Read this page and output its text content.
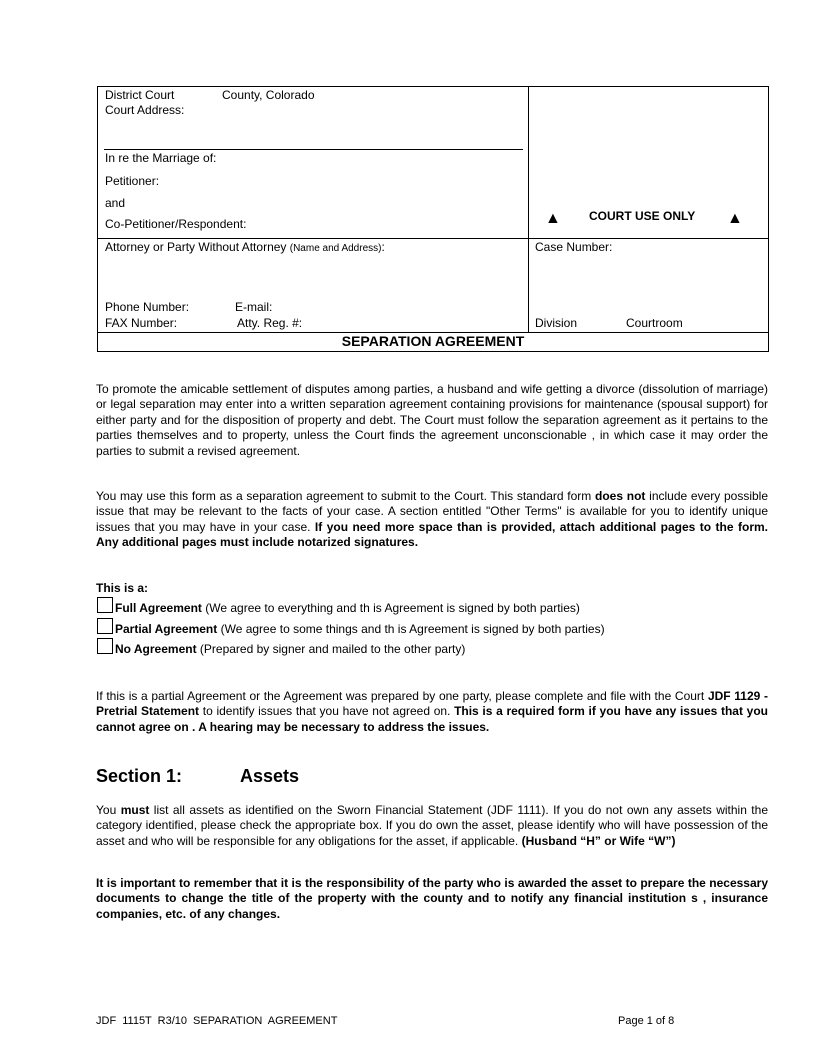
District Court	County, Colorado
Court Address:
In re the Marriage of:
Petitioner:
and
Co-Petitioner/Respondent:	▲ COURT USE ONLY ▲
Attorney or Party Without Attorney (Name and Address):
Phone Number:	E-mail:
FAX Number:	Atty. Reg. #:
Case Number:
Division	Courtroom
SEPARATION AGREEMENT
To promote the amicable settlement of disputes among parties, a husband and wife getting a divorce (dissolution of marriage) or legal separation may enter into a written separation agreement containing provisions for maintenance (spousal support) for either party and for the disposition of property and debt. The Court must follow the separation agreement as it pertains to the parties themselves and to property, unless the Court finds the agreement unconscionable , in which case it may order the parties to submit a revised agreement.
You may use this form as a separation agreement to submit to the Court. This standard form does not include every possible issue that may be relevant to the facts of your case. A section entitled "Other Terms" is available for you to identify unique issues that you may have in your case. If you need more space than is provided, attach additional pages to the form. Any additional pages must include notarized signatures.
This is a:
Full Agreement (We agree to everything and th is Agreement is signed by both parties)
Partial Agreement (We agree to some things and th is Agreement is signed by both parties)
No Agreement (Prepared by signer and mailed to the other party)
If this is a partial Agreement or the Agreement was prepared by one party, please complete and file with the Court JDF 1129 - Pretrial Statement to identify issues that you have not agreed on. This is a required form if you have any issues that you cannot agree on . A hearing may be necessary to address the issues.
Section 1:	Assets
You must list all assets as identified on the Sworn Financial Statement (JDF 1111). If you do not own any assets within the category identified, please check the appropriate box. If you do own the asset, please identify who will have possession of the asset and who will be responsible for any obligations for the asset, if applicable. (Husband “H” or Wife “W”)
It is important to remember that it is the responsibility of the party who is awarded the asset to prepare the necessary documents to change the title of the property with the county and to notify any financial institution s , insurance companies, etc. of any changes.
JDF 1115T R3/10 SEPARATION AGREEMENT	Page 1 of 8
